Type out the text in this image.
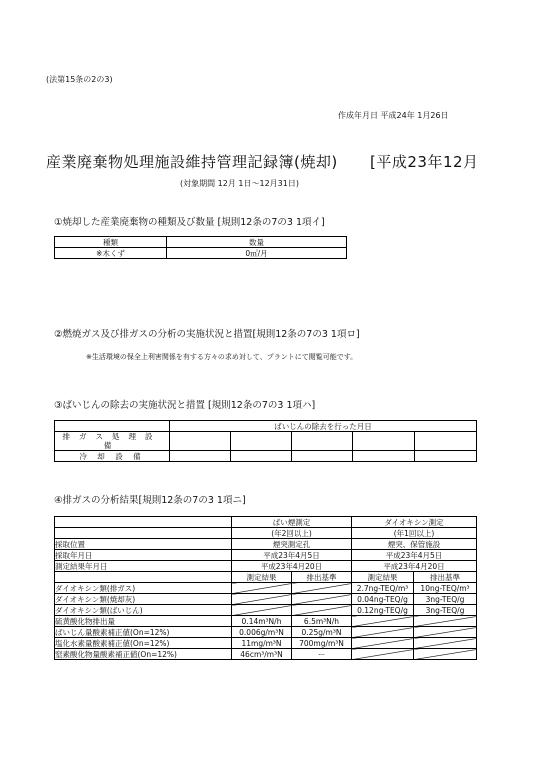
(法第15条の2の3)
作成年月日 平成24年 1月26日
産業廃棄物処理施設維持管理記録簿(焼却) [平成23年12月
(対象期間 12月 1日～12月31日)
①焼却した産業廃棄物の種類及び数量 [規則12条の7の3 1項イ]
種類	数量
※木くず	0㎥/月
②燃焼ガス及び排ガスの分析の実施状況と措置[規則12条の7の3 1項ロ]
※生活環境の保全上利害関係を有する方々の求め対して、プラントにて閲覧可能です。
③ばいじんの除去の実施状況と措置 [規則12条の7の3 1項ハ]
	ばいじんの除去を行った月日				
排ガス処理設備					
冷 却 設 備					
④排ガスの分析結果[規則12条の7の3 1項ニ]
	ばい煙測定		ダイオキシン測定	
	(年2回以上)		(年1回以上)	
採取位置	煙突測定孔		煙突、保管施設	
採取年月日	平成23年4月5日		平成23年4月5日	
測定結果年月日	平成23年4月20日		平成23年4月20日	
	測定結果	排出基準	測定結果	排出基準
ダイオキシン類(排ガス)			2.7ng-TEQ/m³	10ng-TEQ/m³
ダイオキシン類(焼却灰)			0.04ng-TEQ/g	3ng-TEQ/g
ダイオキシン類(ばいじん)			0.12ng-TEQ/g	3ng-TEQ/g
硫黄酸化物排出量	0.14m³N/h	6.5m³N/h		
ばいじん量酸素補正値(On=12%)	0.006g/m³N	0.25g/m³N		
塩化水素量酸素補正値(On=12%)	11mg/m³N	700mg/m³N		
窒素酸化物量酸素補正値(On=12%)	46cm³/m³N	ー		
